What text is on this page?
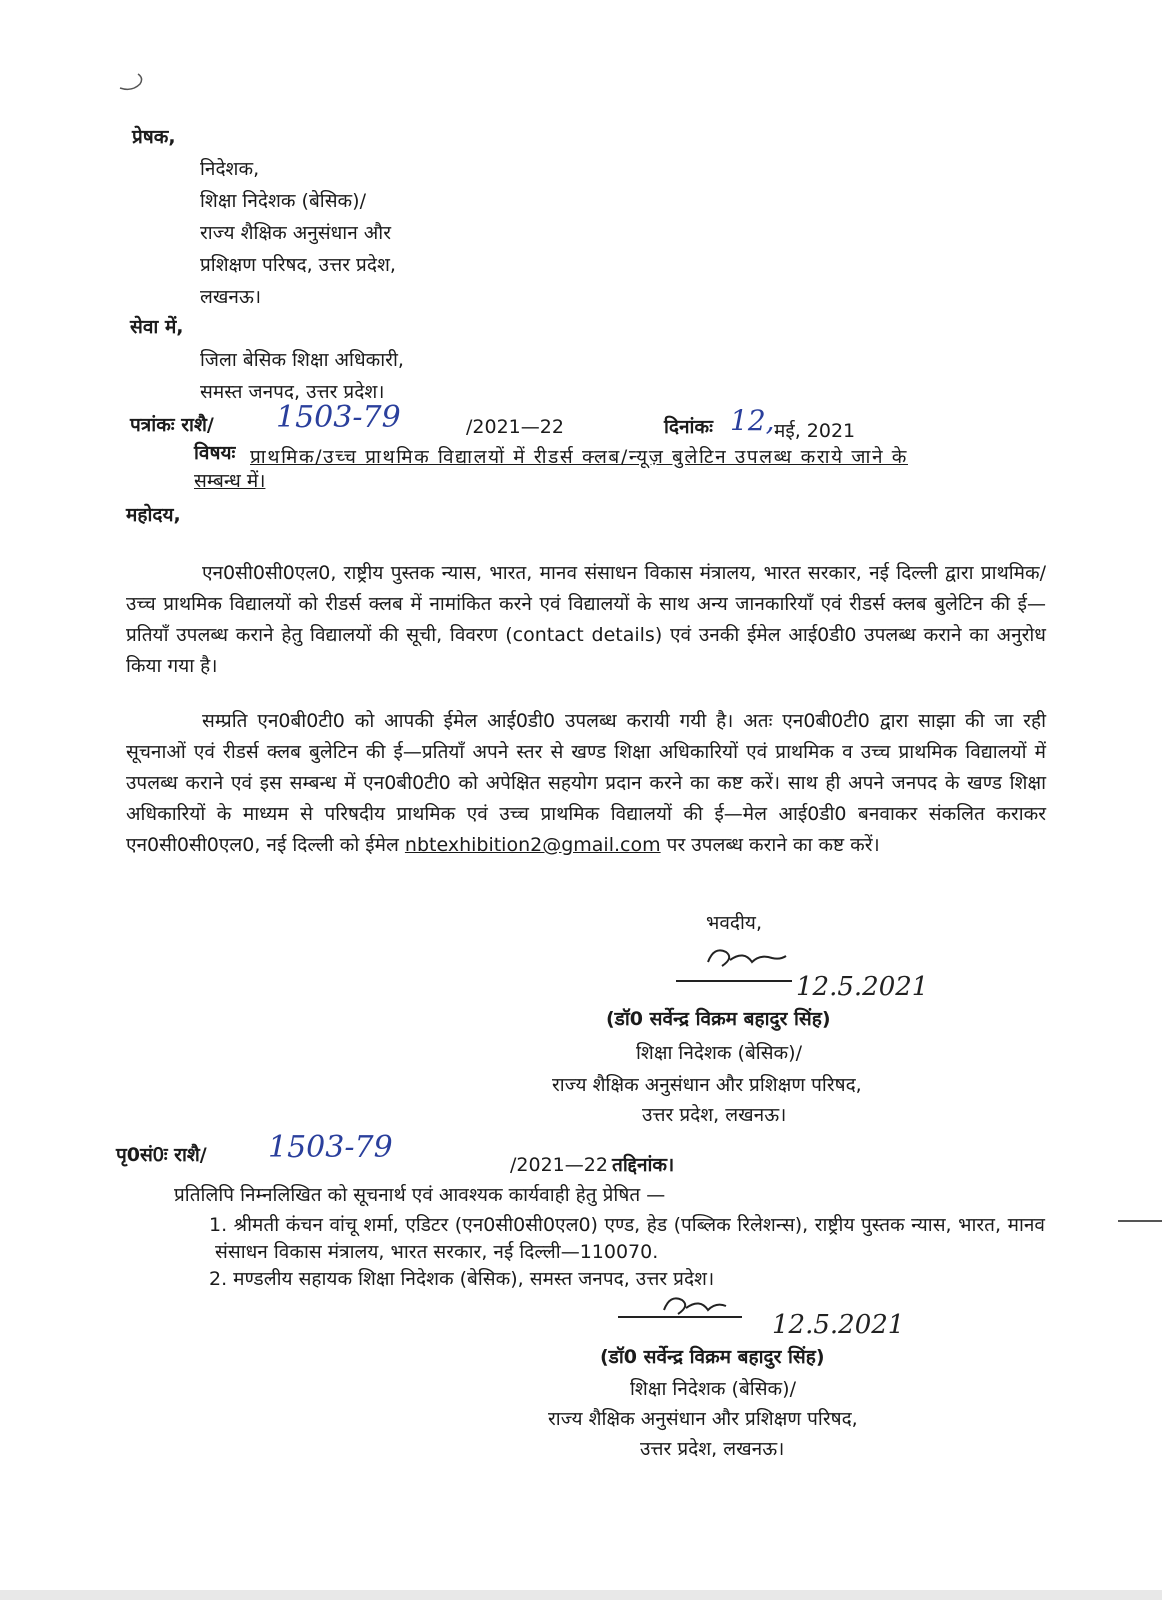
प्रेषक,
निदेशक,
शिक्षा निदेशक (बेसिक)/
राज्य शैक्षिक अनुसंधान और
प्रशिक्षण परिषद, उत्तर प्रदेश,
लखनऊ।
सेवा में,
जिला बेसिक शिक्षा अधिकारी,
समस्त जनपद, उत्तर प्रदेश।
पत्रांकः राशै/ 1503-79	/2021—22	दिनांकः 12, मई, 2021
विषयः प्राथमिक/उच्च प्राथमिक विद्यालयों में रीडर्स क्लब/न्यूज़ बुलेटिन उपलब्ध कराये जाने के
सम्बन्ध में।
महोदय,

एन0सी0सी0एल0, राष्ट्रीय पुस्तक न्यास, भारत, मानव संसाधन विकास मंत्रालय, भारत सरकार, नई दिल्ली द्वारा प्राथमिक/उच्च प्राथमिक विद्यालयों को रीडर्स क्लब में नामांकित करने एवं विद्यालयों के साथ अन्य जानकारियाँ एवं रीडर्स क्लब बुलेटिन की ई—प्रतियाँ उपलब्ध कराने हेतु विद्यालयों की सूची, विवरण (contact details) एवं उनकी ईमेल आई0डी0 उपलब्ध कराने का अनुरोध किया गया है।

सम्प्रति एन0बी0टी0 को आपकी ईमेल आई0डी0 उपलब्ध करायी गयी है। अतः एन0बी0टी0 द्वारा साझा की जा रही सूचनाओं एवं रीडर्स क्लब बुलेटिन की ई—प्रतियाँ अपने स्तर से खण्ड शिक्षा अधिकारियों एवं प्राथमिक व उच्च प्राथमिक विद्यालयों में उपलब्ध कराने एवं इस सम्बन्ध में एन0बी0टी0 को अपेक्षित सहयोग प्रदान करने का कष्ट करें। साथ ही अपने जनपद के खण्ड शिक्षा अधिकारियों के माध्यम से परिषदीय प्राथमिक एवं उच्च प्राथमिक विद्यालयों की ई—मेल आई0डी0 बनवाकर संकलित कराकर एन0सी0सी0एल0, नई दिल्ली को ईमेल nbtexhibition2@gmail.com पर उपलब्ध कराने का कष्ट करें।

भवदीय,
12.5.2021
(डॉ0 सर्वेन्द्र विक्रम बहादुर सिंह)
शिक्षा निदेशक (बेसिक)/
राज्य शैक्षिक अनुसंधान और प्रशिक्षण परिषद,
उत्तर प्रदेश, लखनऊ।
पृ0सं0ः राशै/ 1503-79	/2021—22 तद्दिनांक।
प्रतिलिपि निम्नलिखित को सूचनार्थ एवं आवश्यक कार्यवाही हेतु प्रेषित —

1. श्रीमती कंचन वांचू शर्मा, एडिटर (एन0सी0सी0एल0) एण्ड, हेड (पब्लिक रिलेशन्स), राष्ट्रीय पुस्तक न्यास, भारत, मानव संसाधन विकास मंत्रालय, भारत सरकार, नई दिल्ली—110070.

2. मण्डलीय सहायक शिक्षा निदेशक (बेसिक), समस्त जनपद, उत्तर प्रदेश।

12.5.2021
(डॉ0 सर्वेन्द्र विक्रम बहादुर सिंह)
शिक्षा निदेशक (बेसिक)/
राज्य शैक्षिक अनुसंधान और प्रशिक्षण परिषद,
उत्तर प्रदेश, लखनऊ।
